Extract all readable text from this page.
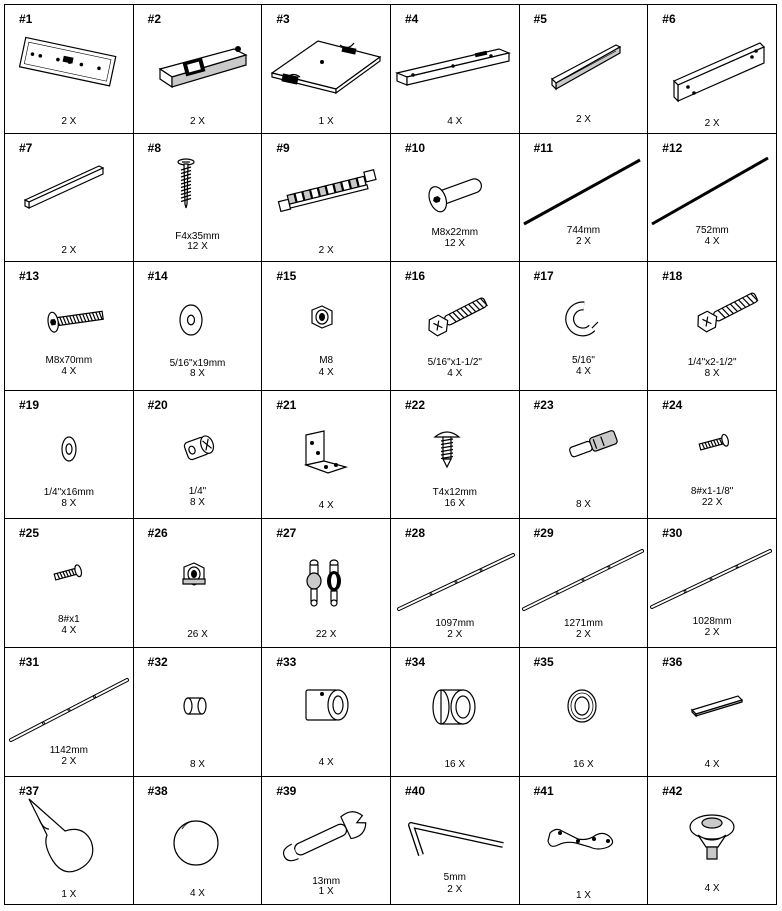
#1
2 X
#2
2 X
#3
1 X
#4
4 X
#5
2 X
#6
2 X
#7
2 X
#8
F4x35mm
12 X
#9
2 X
#10
M8x22mm
12 X
#11
744mm
2 X
#12
752mm
4 X
#13
M8x70mm
4 X
#14
5/16"x19mm
8 X
#15
M8
4 X
#16
5/16"x1-1/2"
4 X
#17
5/16"
4 X
#18
1/4"x2-1/2"
8 X
#19
1/4"x16mm
8 X
#20
1/4"
8 X
#21
4 X
#22
T4x12mm
16 X
#23
8 X
#24
8#x1-1/8"
22 X
#25
8#x1
4 X
#26
26 X
#27
22 X
#28
1097mm
2 X
#29
1271mm
2 X
#30
1028mm
2 X
#31
1142mm
2 X
#32
8 X
#33
4 X
#34
16 X
#35
16 X
#36
4 X
#37
1 X
#38
4 X
#39
13mm
1 X
#40
5mm
2 X
#41
1 X
#42
4 X
